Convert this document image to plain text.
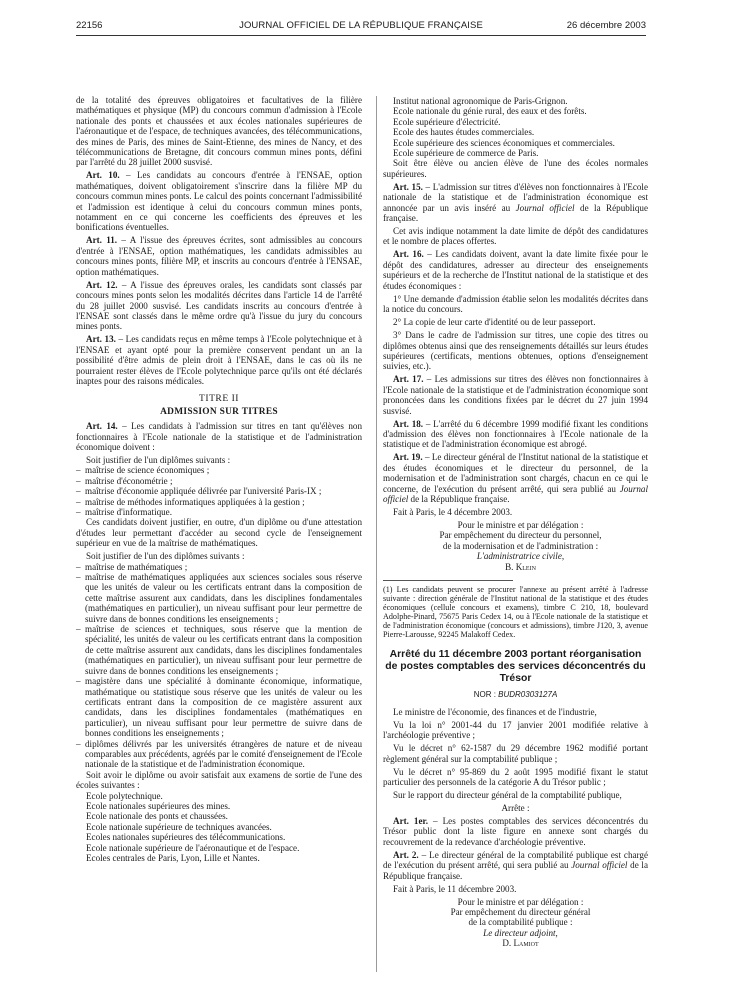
22156	JOURNAL OFFICIEL DE LA RÉPUBLIQUE FRANÇAISE	26 décembre 2003

de la totalité des épreuves obligatoires et facultatives de la filière mathématiques et physique (MP) du concours commun d'admission à l'Ecole nationale des ponts et chaussées et aux écoles nationales supérieures de l'aéronautique et de l'espace, de techniques avancées, des télécommunications, des mines de Paris, des mines de Saint-Etienne, des mines de Nancy, et des télécommunications de Bretagne, dit concours commun mines ponts, défini par l'arrêté du 28 juillet 2000 susvisé.

Art. 10. – Les candidats au concours d'entrée à l'ENSAE, option mathématiques, doivent obligatoirement s'inscrire dans la filière MP du concours commun mines ponts. Le calcul des points concernant l'admissibilité et l'admission est identique à celui du concours commun mines ponts, notamment en ce qui concerne les coefficients des épreuves et les bonifications éventuelles.

Art. 11. – A l'issue des épreuves écrites, sont admissibles au concours d'entrée à l'ENSAE, option mathématiques, les candidats admissibles au concours mines ponts, filière MP, et inscrits au concours d'entrée à l'ENSAE, option mathématiques.

Art. 12. – A l'issue des épreuves orales, les candidats sont classés par concours mines ponts selon les modalités décrites dans l'article 14 de l'arrêté du 28 juillet 2000 susvisé. Les candidats inscrits au concours d'entrée à l'ENSAE sont classés dans le même ordre qu'à l'issue du jury du concours mines ponts.

Art. 13. – Les candidats reçus en même temps à l'Ecole polytechnique et à l'ENSAE et ayant opté pour la première conservent pendant un an la possibilité d'être admis de plein droit à l'ENSAE, dans le cas où ils ne pourraient rester élèves de l'Ecole polytechnique parce qu'ils ont été déclarés inaptes pour des raisons médicales.

TITRE II
ADMISSION SUR TITRES

Art. 14. – Les candidats à l'admission sur titres en tant qu'élèves non fonctionnaires à l'Ecole nationale de la statistique et de l'administration économique doivent :

Soit justifier de l'un diplômes suivants :

– maîtrise de science économiques ;
– maîtrise d'économétrie ;
– maîtrise d'économie appliquée délivrée par l'université Paris-IX ;
– maîtrise de méthodes informatiques appliquées à la gestion ;
– maîtrise d'informatique.

Ces candidats doivent justifier, en outre, d'un diplôme ou d'une attestation d'études leur permettant d'accéder au second cycle de l'enseignement supérieur en vue de la maîtrise de mathématiques.

Soit justifier de l'un des diplômes suivants :

– maîtrise de mathématiques ;
– maîtrise de mathématiques appliquées aux sciences sociales sous réserve que les unités de valeur ou les certificats entrant dans la composition de cette maîtrise assurent aux candidats, dans les disciplines fondamentales (mathématiques en particulier), un niveau suffisant pour leur permettre de suivre dans de bonnes conditions les enseignements ;
– maîtrise de sciences et techniques, sous réserve que la mention de spécialité, les unités de valeur ou les certificats entrant dans la composition de cette maîtrise assurent aux candidats, dans les disciplines fondamentales (mathématiques en particulier), un niveau suffisant pour leur permettre de suivre dans de bonnes conditions les enseignements ;
– magistère dans une spécialité à dominante économique, informatique, mathématique ou statistique sous réserve que les unités de valeur ou les certificats entrant dans la composition de ce magistère assurent aux candidats, dans les disciplines fondamentales (mathématiques en particulier), un niveau suffisant pour leur permettre de suivre dans de bonnes conditions les enseignements ;
– diplômes délivrés par les universités étrangères de nature et de niveau comparables aux précédents, agréés par le comité d'enseignement de l'Ecole nationale de la statistique et de l'administration économique.

Soit avoir le diplôme ou avoir satisfait aux examens de sortie de l'une des écoles suivantes :

Ecole polytechnique.

Ecole nationales supérieures des mines.

Ecole nationale des ponts et chaussées.

Ecole nationale supérieure de techniques avancées.

Ecoles nationales supérieures des télécommunications.

Ecole nationale supérieure de l'aéronautique et de l'espace.

Ecoles centrales de Paris, Lyon, Lille et Nantes.

Institut national agronomique de Paris-Grignon.

Ecole nationale du génie rural, des eaux et des forêts.

Ecole supérieure d'électricité.

Ecole des hautes études commerciales.

Ecole supérieure des sciences économiques et commerciales.

Ecole supérieure de commerce de Paris.

Soit être élève ou ancien élève de l'une des écoles normales supérieures.

Art. 15. – L'admission sur titres d'élèves non fonctionnaires à l'Ecole nationale de la statistique et de l'administration économique est annoncée par un avis inséré au Journal officiel de la République française.

Cet avis indique notamment la date limite de dépôt des candidatures et le nombre de places offertes.

Art. 16. – Les candidats doivent, avant la date limite fixée pour le dépôt des candidatures, adresser au directeur des enseignements supérieurs et de la recherche de l'Institut national de la statistique et des études économiques :

1° Une demande d'admission établie selon les modalités décrites dans la notice du concours.

2° La copie de leur carte d'identité ou de leur passeport.

3° Dans le cadre de l'admission sur titres, une copie des titres ou diplômes obtenus ainsi que des renseignements détaillés sur leurs études supérieures (certificats, mentions obtenues, options d'enseignement suivies, etc.).

Art. 17. – Les admissions sur titres des élèves non fonctionnaires à l'Ecole nationale de la statistique et de l'administration économique sont prononcées dans les conditions fixées par le décret du 27 juin 1994 susvisé.

Art. 18. – L'arrêté du 6 décembre 1999 modifié fixant les conditions d'admission des élèves non fonctionnaires à l'Ecole nationale de la statistique et de l'administration économique est abrogé.

Art. 19. – Le directeur général de l'Institut national de la statistique et des études économiques et le directeur du personnel, de la modernisation et de l'administration sont chargés, chacun en ce qui le concerne, de l'exécution du présent arrêté, qui sera publié au Journal officiel de la République française.

Fait à Paris, le 4 décembre 2003.

Pour le ministre et par délégation :
Par empêchement du directeur du personnel,
de la modernisation et de l'administration :
L'administratrice civile,
B. Klein

(1) Les candidats peuvent se procurer l'annexe au présent arrêté à l'adresse suivante : direction générale de l'Institut national de la statistique et des études économiques (cellule concours et examens), timbre C 210, 18, boulevard Adolphe-Pinard, 75675 Paris Cedex 14, ou à l'Ecole nationale de la statistique et de l'administration économique (concours et admissions), timbre J120, 3, avenue Pierre-Larousse, 92245 Malakoff Cedex.

Arrêté du 11 décembre 2003 portant réorganisation de postes comptables des services déconcentrés du Trésor
NOR : BUDR0303127A

Le ministre de l'économie, des finances et de l'industrie,

Vu la loi n° 2001-44 du 17 janvier 2001 modifiée relative à l'archéologie préventive ;

Vu le décret n° 62-1587 du 29 décembre 1962 modifié portant règlement général sur la comptabilité publique ;

Vu le décret n° 95-869 du 2 août 1995 modifié fixant le statut particulier des personnels de la catégorie A du Trésor public ;

Sur le rapport du directeur général de la comptabilité publique,

Arrête :

Art. 1er. – Les postes comptables des services déconcentrés du Trésor public dont la liste figure en annexe sont chargés du recouvrement de la redevance d'archéologie préventive.

Art. 2. – Le directeur général de la comptabilité publique est chargé de l'exécution du présent arrêté, qui sera publié au Journal officiel de la République française.

Fait à Paris, le 11 décembre 2003.

Pour le ministre et par délégation :
Par empêchement du directeur général
de la comptabilité publique :
Le directeur adjoint,
D. Lamiot
